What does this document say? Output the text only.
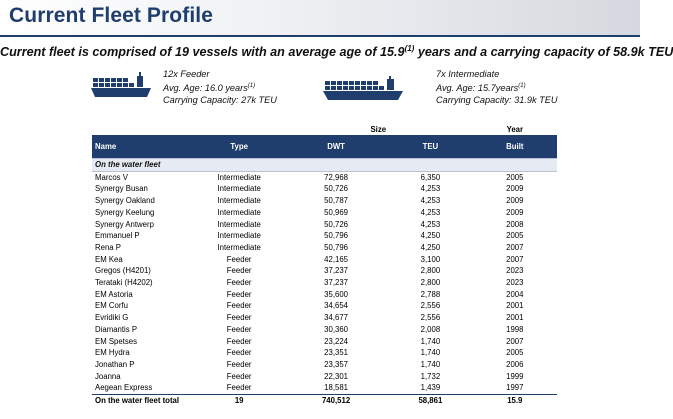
Current Fleet Profile
Current fleet is comprised of 19 vessels with an average age of 15.9$^{(1)}$ years and a carrying capacity of 58.9k TEU
12x Feeder
Avg. Age: 16.0 years$^{(1)}$
Carrying Capacity: 27k TEU
7x Intermediate
Avg. Age: 15.7years$^{(1)}$
Carrying Capacity: 31.9k TEU
		Size		Year
Name	Type	DWT	TEU	Built
On the water fleet				
Marcos V	Intermediate	72,968	6,350	2005
Synergy Busan	Intermediate	50,726	4,253	2009
Synergy Oakland	Intermediate	50,787	4,253	2009
Synergy Keelung	Intermediate	50,969	4,253	2009
Synergy Antwerp	Intermediate	50,726	4,253	2008
Emmanuel P	Intermediate	50,796	4,250	2005
Rena P	Intermediate	50,796	4,250	2007
EM Kea	Feeder	42,165	3,100	2007
Gregos (H4201)	Feeder	37,237	2,800	2023
Terataki (H4202)	Feeder	37,237	2,800	2023
EM Astoria	Feeder	35,600	2,788	2004
EM Corfu	Feeder	34,654	2,556	2001
Evridiki G	Feeder	34,677	2,556	2001
Diamantis P	Feeder	30,360	2,008	1998
EM Spetses	Feeder	23,224	1,740	2007
EM Hydra	Feeder	23,351	1,740	2005
Jonathan P	Feeder	23,357	1,740	2006
Joanna	Feeder	22,301	1,732	1999
Aegean Express	Feeder	18,581	1,439	1997
On the water fleet total	19	740,512	58,861	15.9
